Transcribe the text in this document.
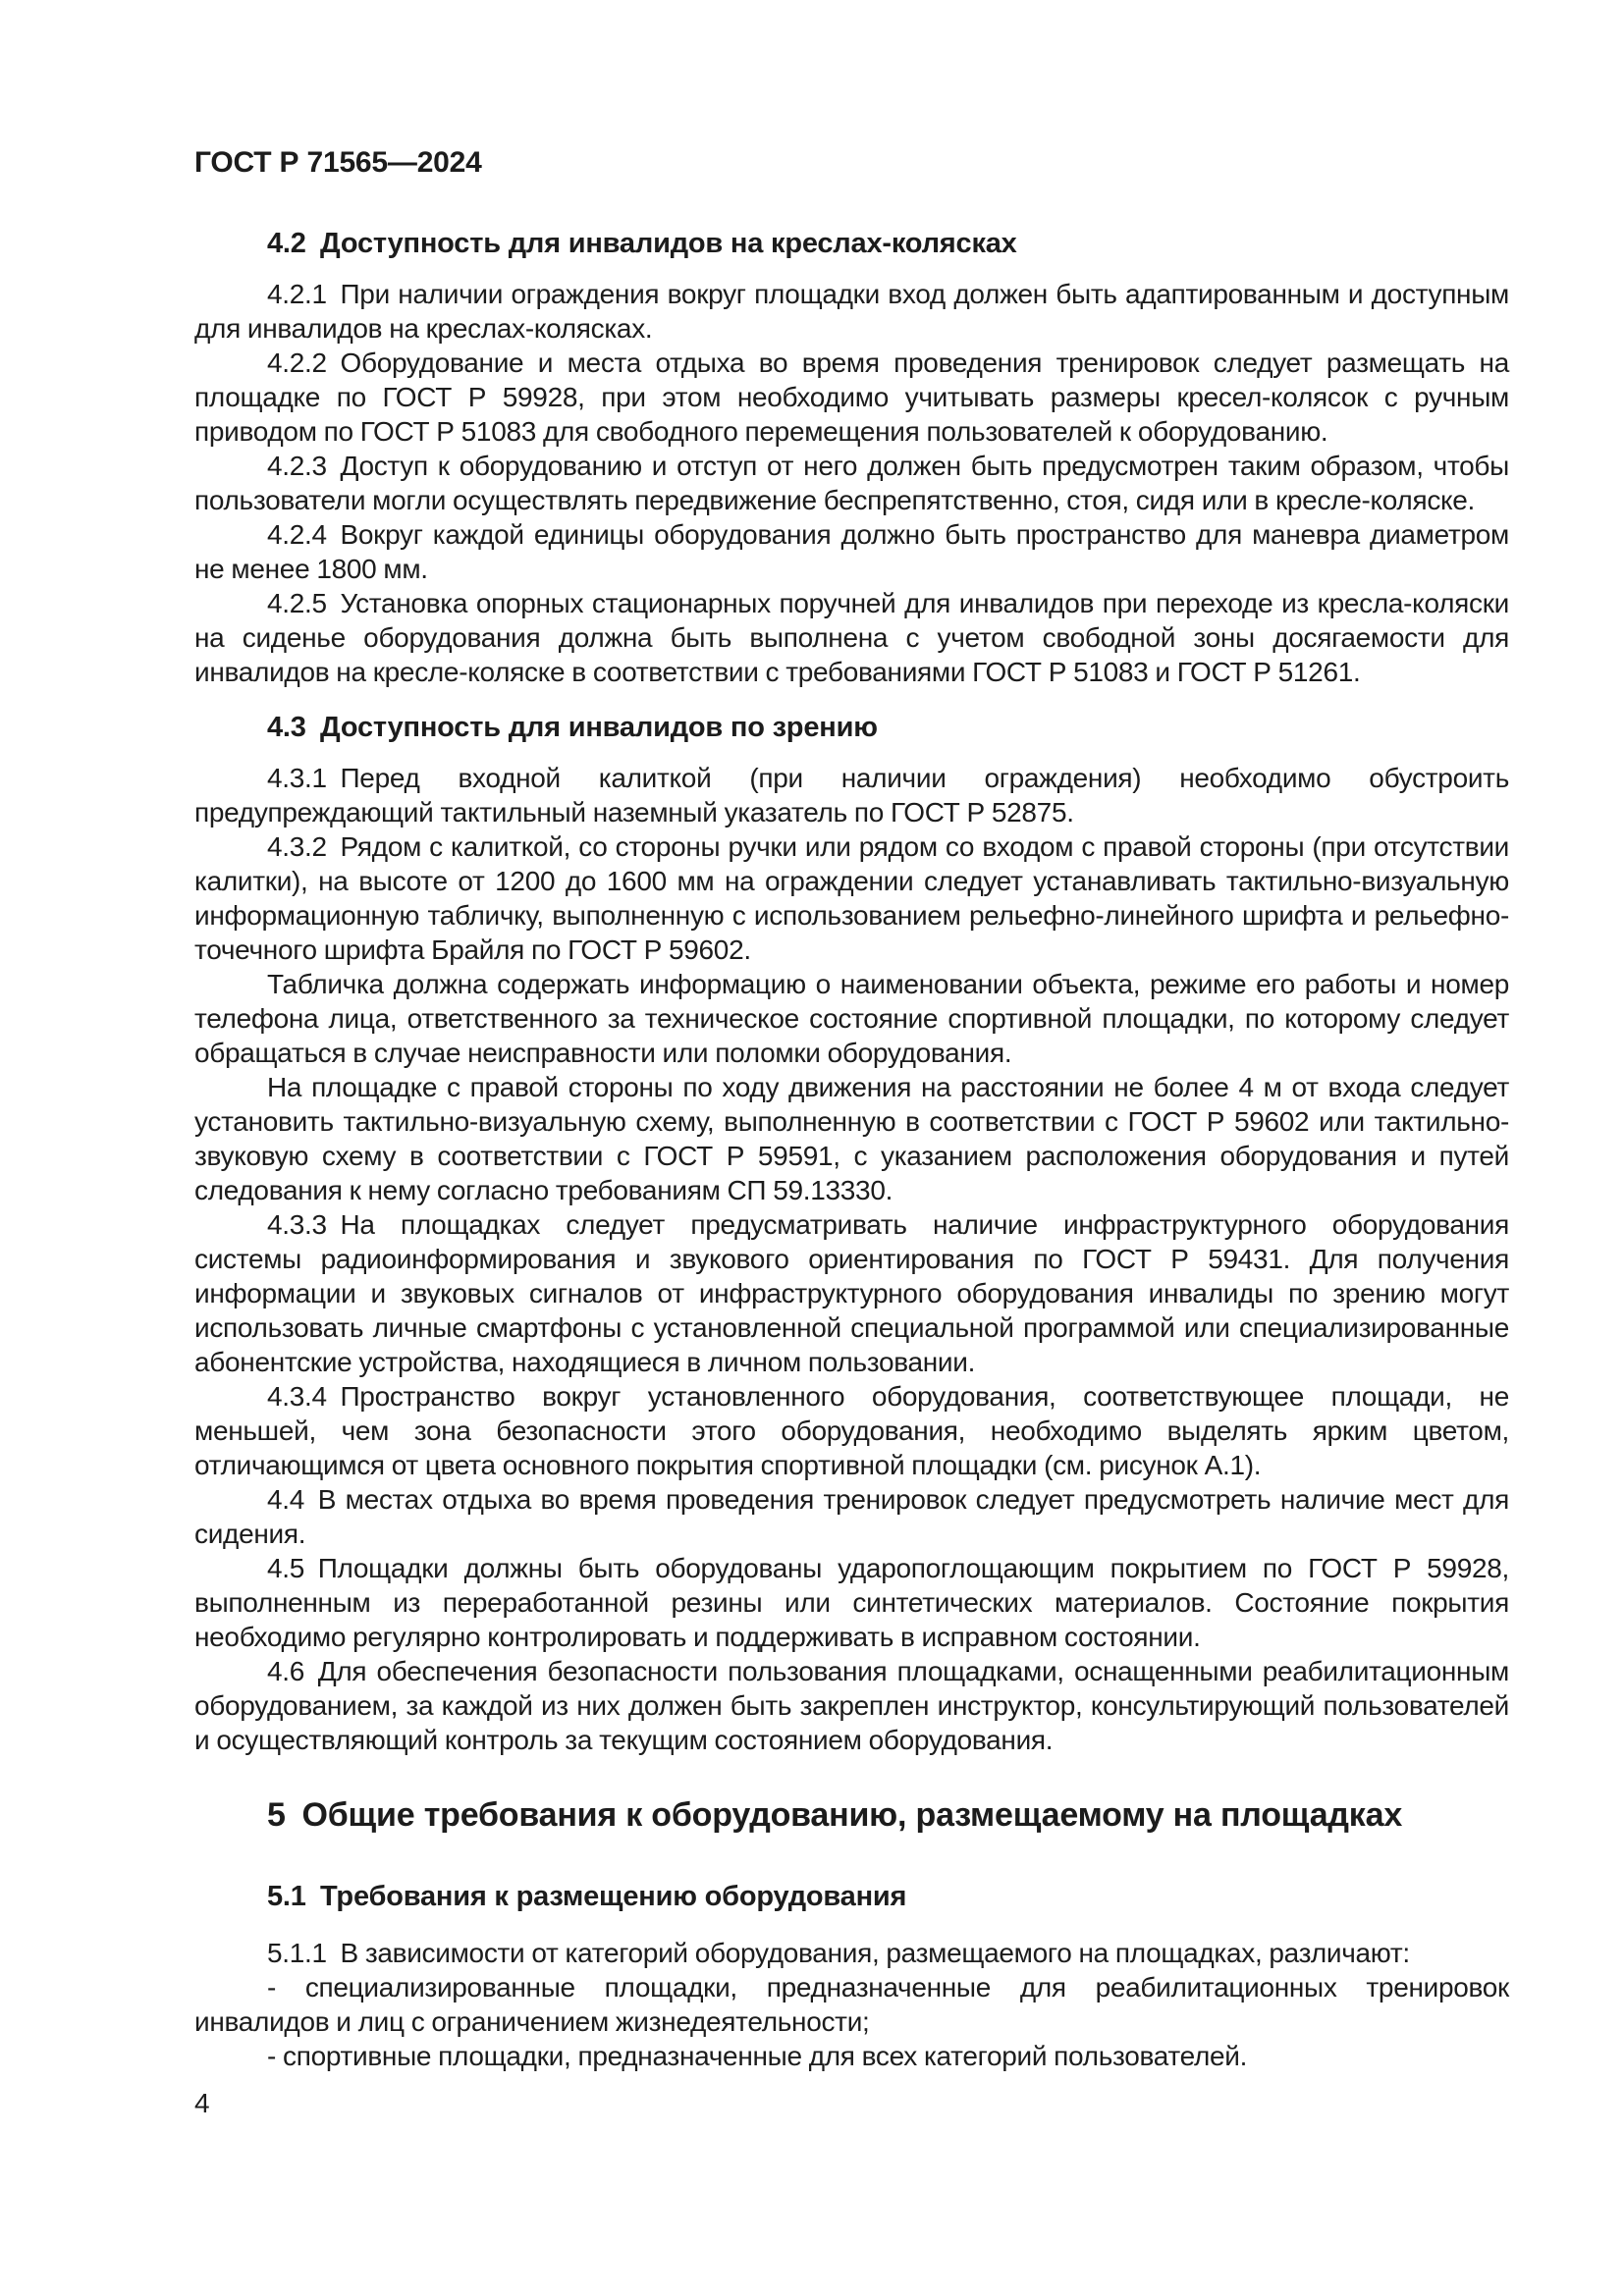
ГОСТ Р 71565—2024
4.2 Доступность для инвалидов на креслах-колясках

4.2.1 При наличии ограждения вокруг площадки вход должен быть адаптированным и доступным для инвалидов на креслах-колясках.

4.2.2 Оборудование и места отдыха во время проведения тренировок следует размещать на площадке по ГОСТ Р 59928, при этом необходимо учитывать размеры кресел-колясок с ручным приводом по ГОСТ Р 51083 для свободного перемещения пользователей к оборудованию.

4.2.3 Доступ к оборудованию и отступ от него должен быть предусмотрен таким образом, чтобы пользователи могли осуществлять передвижение беспрепятственно, стоя, сидя или в кресле-коляске.

4.2.4 Вокруг каждой единицы оборудования должно быть пространство для маневра диаметром не менее 1800 мм.

4.2.5 Установка опорных стационарных поручней для инвалидов при переходе из кресла-коляски на сиденье оборудования должна быть выполнена с учетом свободной зоны досягаемости для инвалидов на кресле-коляске в соответствии с требованиями ГОСТ Р 51083 и ГОСТ Р 51261.

4.3 Доступность для инвалидов по зрению

4.3.1 Перед входной калиткой (при наличии ограждения) необходимо обустроить предупреждающий тактильный наземный указатель по ГОСТ Р 52875.

4.3.2 Рядом с калиткой, со стороны ручки или рядом со входом с правой стороны (при отсутствии калитки), на высоте от 1200 до 1600 мм на ограждении следует устанавливать тактильно-визуальную информационную табличку, выполненную с использованием рельефно-линейного шрифта и рельефно-точечного шрифта Брайля по ГОСТ Р 59602.

Табличка должна содержать информацию о наименовании объекта, режиме его работы и номер телефона лица, ответственного за техническое состояние спортивной площадки, по которому следует обращаться в случае неисправности или поломки оборудования.

На площадке с правой стороны по ходу движения на расстоянии не более 4 м от входа следует установить тактильно-визуальную схему, выполненную в соответствии с ГОСТ Р 59602 или тактильно-звуковую схему в соответствии с ГОСТ Р 59591, с указанием расположения оборудования и путей следования к нему согласно требованиям СП 59.13330.

4.3.3 На площадках следует предусматривать наличие инфраструктурного оборудования системы радиоинформирования и звукового ориентирования по ГОСТ Р 59431. Для получения информации и звуковых сигналов от инфраструктурного оборудования инвалиды по зрению могут использовать личные смартфоны с установленной специальной программой или специализированные абонентские устройства, находящиеся в личном пользовании.

4.3.4 Пространство вокруг установленного оборудования, соответствующее площади, не меньшей, чем зона безопасности этого оборудования, необходимо выделять ярким цветом, отличающимся от цвета основного покрытия спортивной площадки (см. рисунок А.1).

4.4 В местах отдыха во время проведения тренировок следует предусмотреть наличие мест для сидения.

4.5 Площадки должны быть оборудованы ударопоглощающим покрытием по ГОСТ Р 59928, выполненным из переработанной резины или синтетических материалов. Состояние покрытия необходимо регулярно контролировать и поддерживать в исправном состоянии.

4.6 Для обеспечения безопасности пользования площадками, оснащенными реабилитационным оборудованием, за каждой из них должен быть закреплен инструктор, консультирующий пользователей и осуществляющий контроль за текущим состоянием оборудования.

5 Общие требования к оборудованию, размещаемому на площадках
5.1 Требования к размещению оборудования

5.1.1 В зависимости от категорий оборудования, размещаемого на площадках, различают:

- специализированные площадки, предназначенные для реабилитационных тренировок инвалидов и лиц с ограничением жизнедеятельности;

- спортивные площадки, предназначенные для всех категорий пользователей.

4
